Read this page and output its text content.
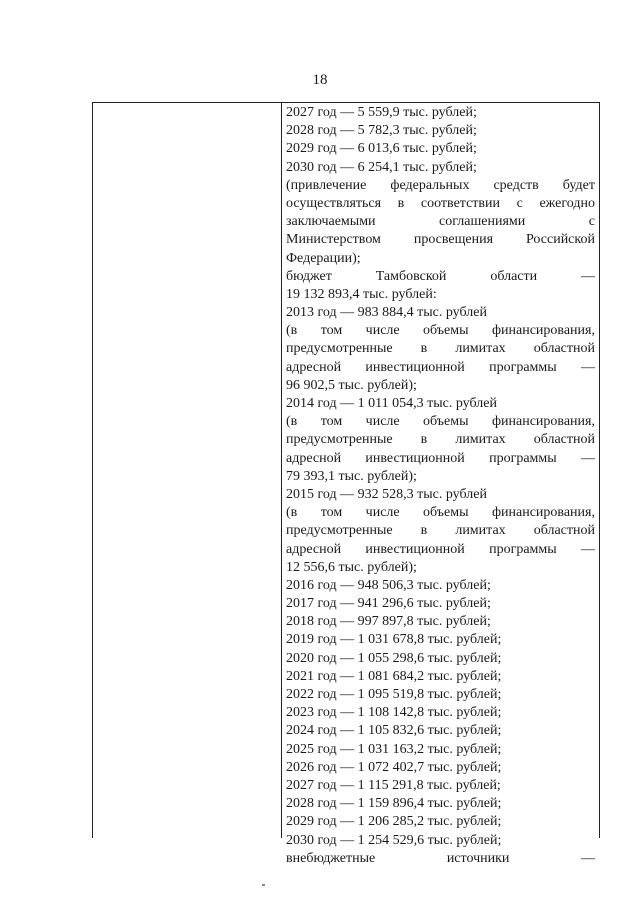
18
2027 год — 5 559,9 тыс. рублей;
2028 год — 5 782,3 тыс. рублей;
2029 год — 6 013,6 тыс. рублей;
2030 год — 6 254,1 тыс. рублей;
(привлечение федеральных средств будет
осуществляться в соответствии с ежегодно
заключаемыми	соглашениями	с
Министерством просвещения Российской
Федерации);
бюджет	Тамбовской	области	—
19 132 893,4 тыс. рублей:
2013 год — 983 884,4 тыс. рублей
(в том числе объемы финансирования,
предусмотренные в лимитах областной
адресной инвестиционной программы —
96 902,5 тыс. рублей);
2014 год — 1 011 054,3 тыс. рублей
(в том числе объемы финансирования,
предусмотренные в лимитах областной
адресной инвестиционной программы —
79 393,1 тыс. рублей);
2015 год — 932 528,3 тыс. рублей
(в том числе объемы финансирования,
предусмотренные в лимитах областной
адресной инвестиционной программы —
12 556,6 тыс. рублей);
2016 год — 948 506,3 тыс. рублей;
2017 год — 941 296,6 тыс. рублей;
2018 год — 997 897,8 тыс. рублей;
2019 год — 1 031 678,8 тыс. рублей;
2020 год — 1 055 298,6 тыс. рублей;
2021 год — 1 081 684,2 тыс. рублей;
2022 год — 1 095 519,8 тыс. рублей;
2023 год — 1 108 142,8 тыс. рублей;
2024 год — 1 105 832,6 тыс. рублей;
2025 год — 1 031 163,2 тыс. рублей;
2026 год — 1 072 402,7 тыс. рублей;
2027 год — 1 115 291,8 тыс. рублей;
2028 год — 1 159 896,4 тыс. рублей;
2029 год — 1 206 285,2 тыс. рублей;
2030 год — 1 254 529,6 тыс. рублей;
внебюджетные	источники	—
